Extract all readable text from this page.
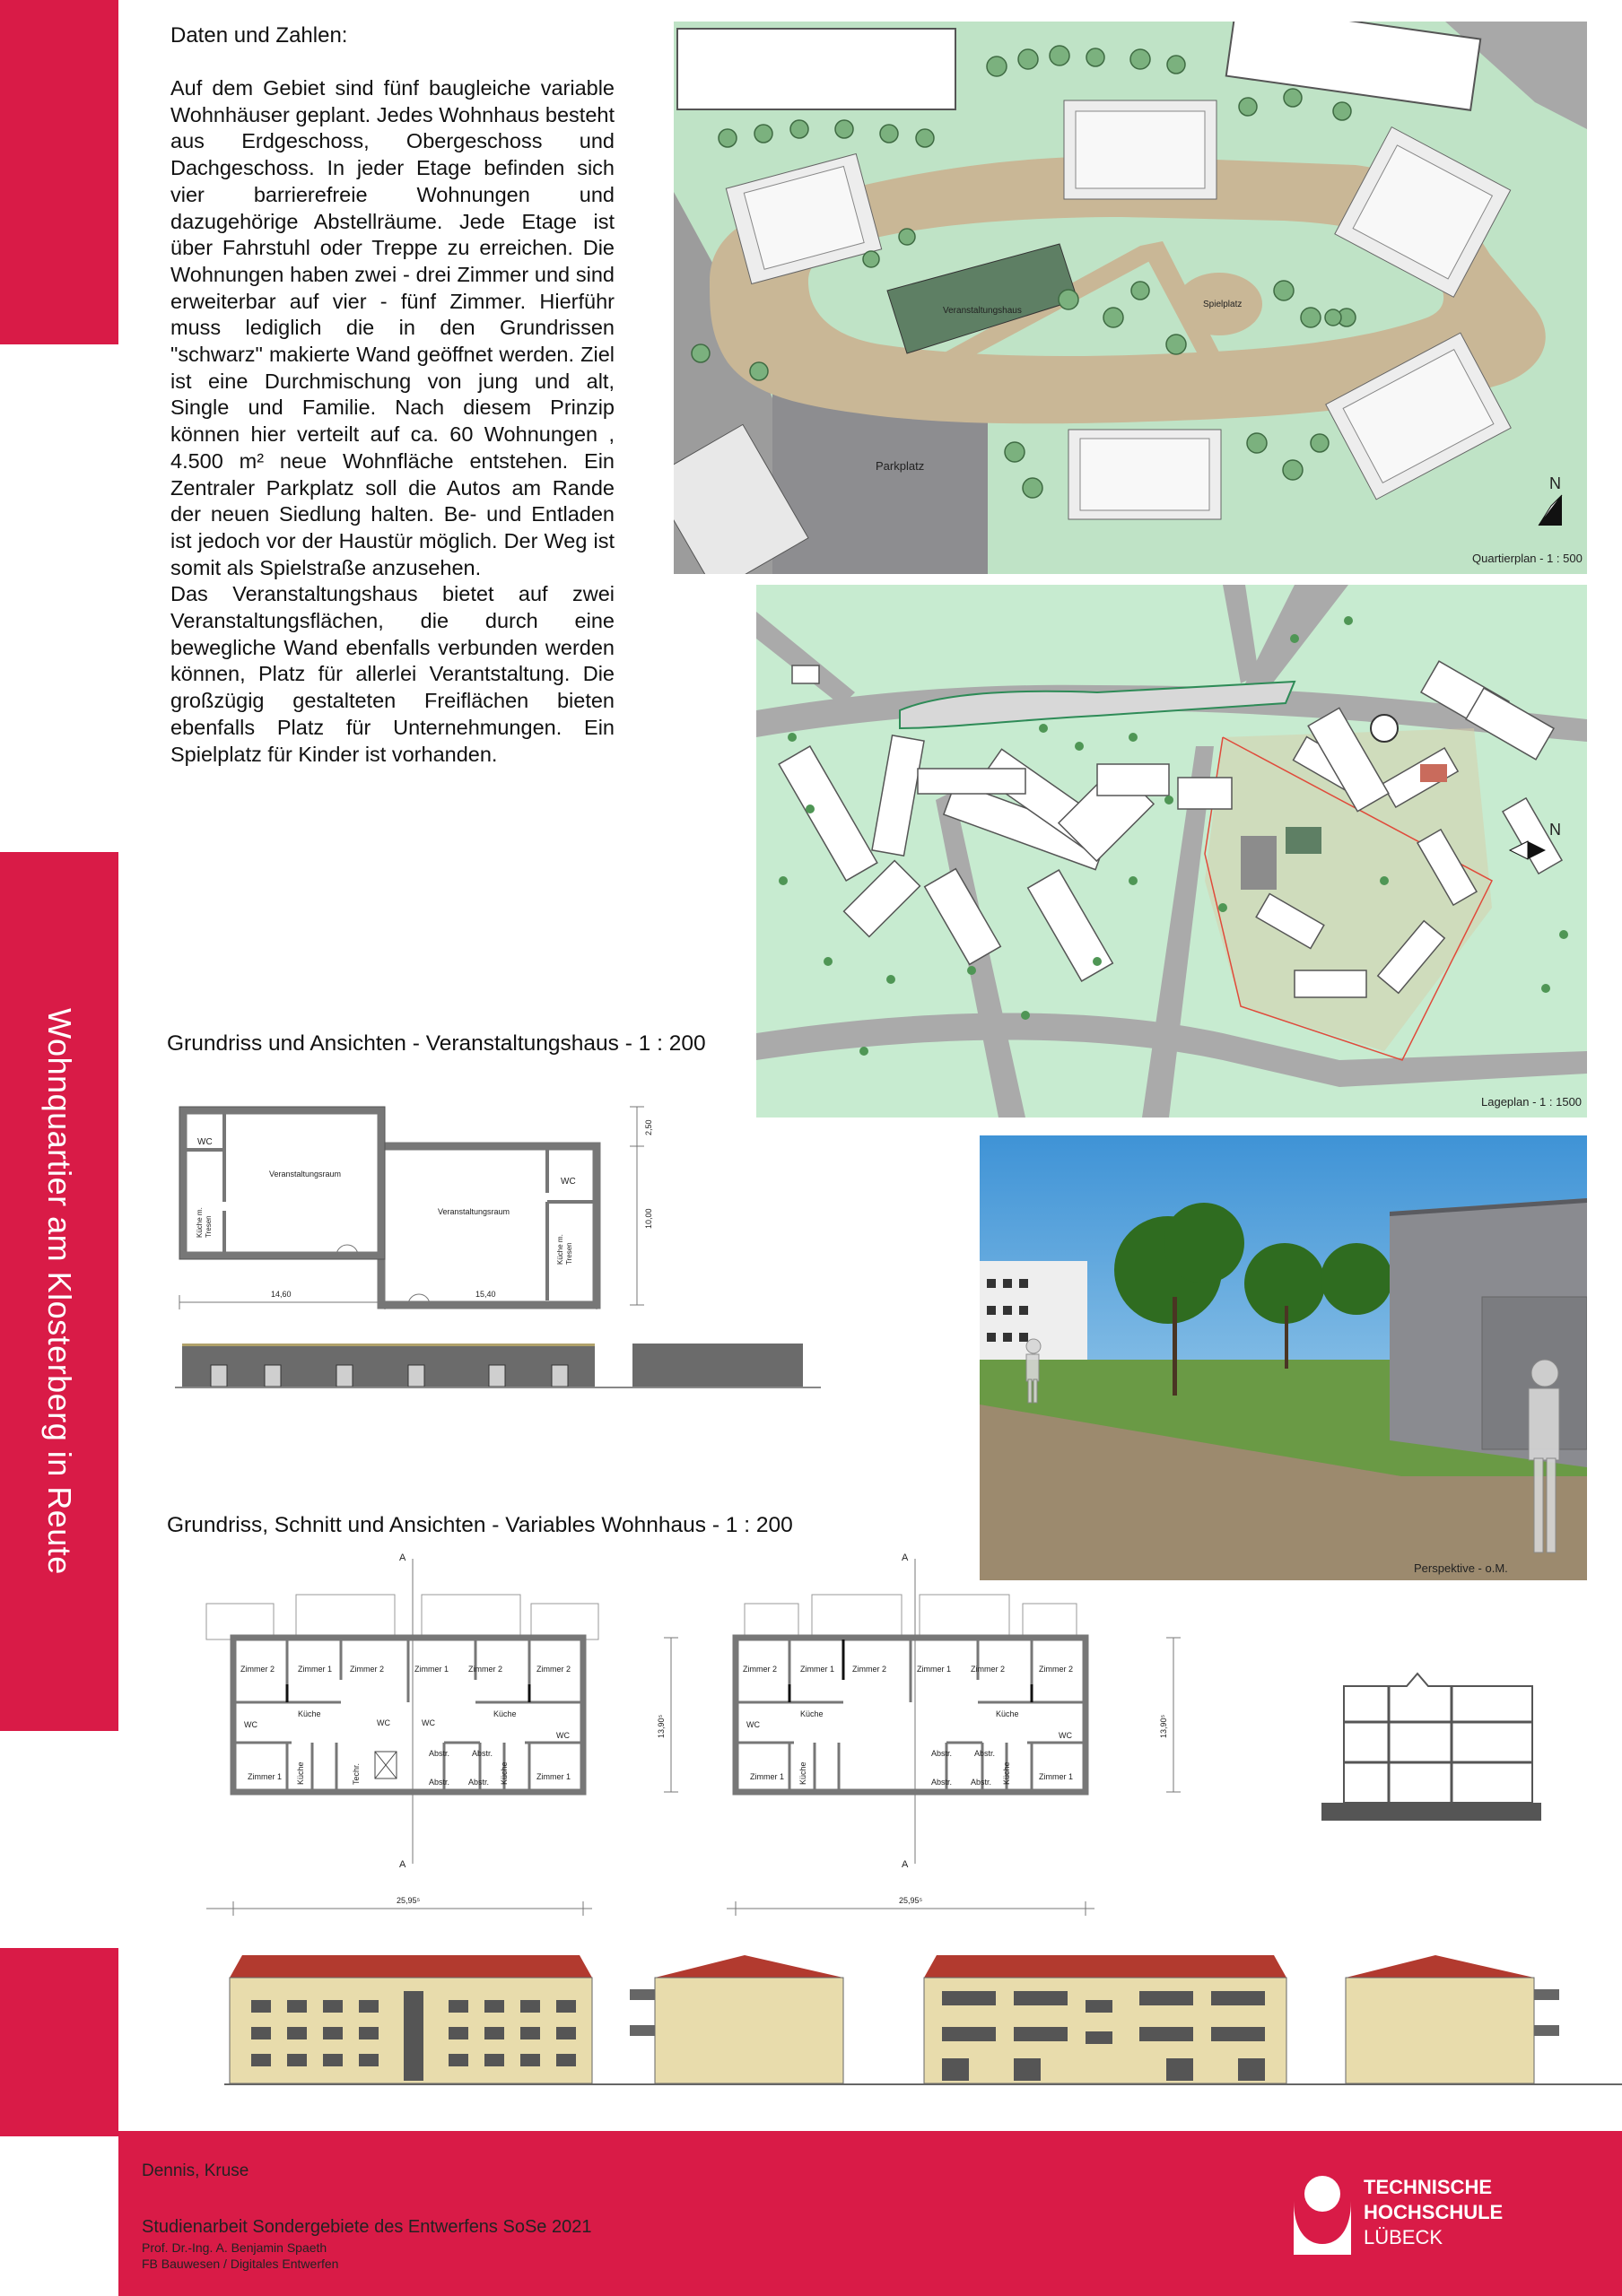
Wohnquartier am Klosterberg in Reute
Daten und Zahlen:

Auf dem Gebiet sind fünf baugleiche variable Wohnhäuser geplant. Jedes Wohnhaus besteht aus Erdgeschoss, Obergeschoss und Dachgeschoss. In jeder Etage befinden sich vier barrierefreie Wohnungen und dazugehörige Abstellräume. Jede Etage ist über Fahrstuhl oder Treppe zu erreichen. Die Wohnungen haben zwei - drei Zimmer und sind erweiterbar auf vier - fünf Zimmer. Hierführ muss lediglich die in den Grundrissen "schwarz" makierte Wand geöffnet werden. Ziel ist eine Durchmischung von jung und alt, Single und Familie. Nach diesem Prinzip können hier verteilt auf ca. 60 Wohnungen , 4.500 m² neue Wohnfläche entstehen. Ein Zentraler Parkplatz soll die Autos am Rande der neuen Siedlung halten. Be- und Entladen ist jedoch vor der Haustür möglich. Der Weg ist somit als Spielstraße anzusehen.

Das Veranstaltungshaus bietet auf zwei Veranstaltungsflächen, die durch eine bewegliche Wand ebenfalls verbunden werden können, Platz für allerlei Verantstaltung. Die großzügig gestalteten Freiflächen bieten ebenfalls Platz für Unternehmungen. Ein Spielplatz für Kinder ist vorhanden.

Veranstaltungshaus
Spielplatz
Parkplatz
N
Quartierplan - 1 : 500
N
Lageplan - 1 : 1500
Grundriss und Ansichten - Veranstaltungshaus - 1 : 200
WC
Veranstaltungsraum
Veranstaltungsraum
WC
Küche m. Tresen
Küche m. Tresen
14,60	15,40
10,00
2,50
Perspektive - o.M.
Grundriss, Schnitt und Ansichten - Variables Wohnhaus - 1 : 200
Zimmer 2	Zimmer 1 Zimmer 2	Zimmer 1 Zimmer 2	Zimmer 2
Küche	Küche
WC	WC	WC
WC
Zimmer 1	Zimmer 1
Abstr.	Abstr.
Abstr. Abstr.
Küche	Küche
Techr.
A
A
25,95⁵
13,90⁵
Zimmer 2	Zimmer 1 Zimmer 2	Zimmer 1 Zimmer 2	Zimmer 2
Küche	Küche
WC
WC
Zimmer 1	Zimmer 1
Abstr.	Abstr.
Abstr. Abstr.
Küche	Küche
A
A
25,95⁵
13,90⁵
Dennis, Kruse
Studienarbeit Sondergebiete des Entwerfens SoSe 2021
Prof. Dr.-Ing. A. Benjamin Spaeth
FB Bauwesen / Digitales Entwerfen
TECHNISCHE
HOCHSCHULE
LÜBECK
